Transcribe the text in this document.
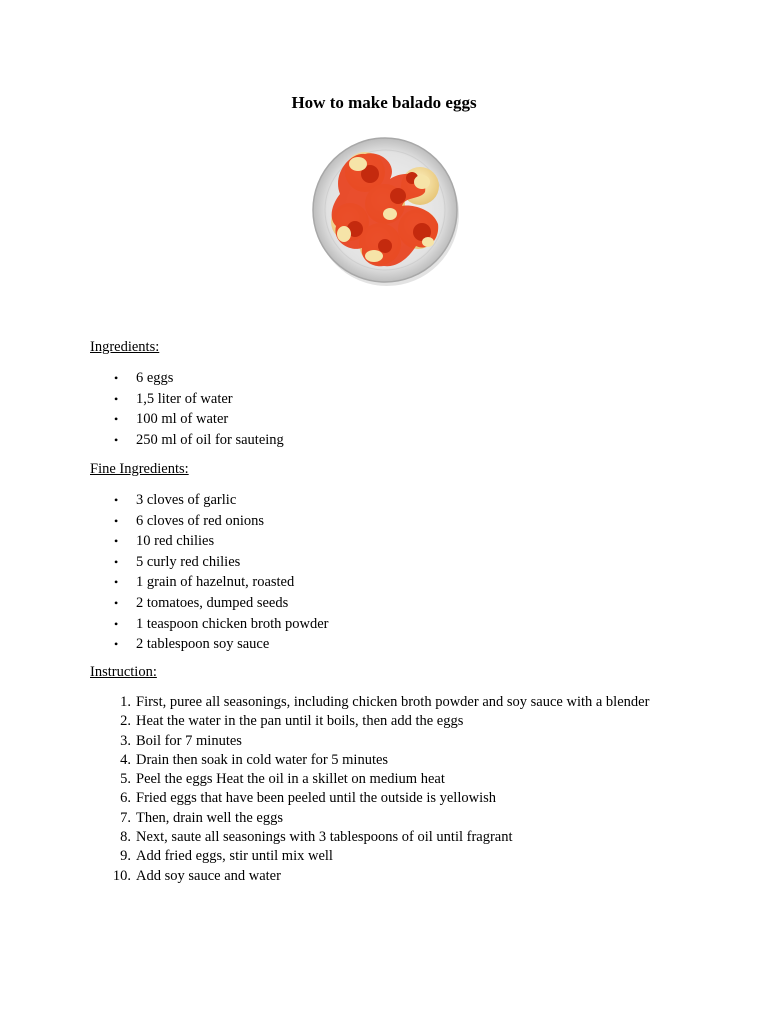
How to make balado eggs

Ingredients:

• 6 eggs
• 1,5 liter of water
• 100 ml of water
• 250 ml of oil for sauteing

Fine Ingredients:

• 3 cloves of garlic
• 6 cloves of red onions
• 10 red chilies
• 5 curly red chilies
• 1 grain of hazelnut, roasted
• 2 tomatoes, dumped seeds
• 1 teaspoon chicken broth powder
• 2 tablespoon soy sauce

Instruction:

1. First, puree all seasonings, including chicken broth powder and soy sauce with a blender
2. Heat the water in the pan until it boils, then add the eggs
3. Boil for 7 minutes
4. Drain then soak in cold water for 5 minutes
5. Peel the eggs Heat the oil in a skillet on medium heat
6. Fried eggs that have been peeled until the outside is yellowish
7. Then, drain well the eggs
8. Next, saute all seasonings with 3 tablespoons of oil until fragrant
9. Add fried eggs, stir until mix well
10. Add soy sauce and water
